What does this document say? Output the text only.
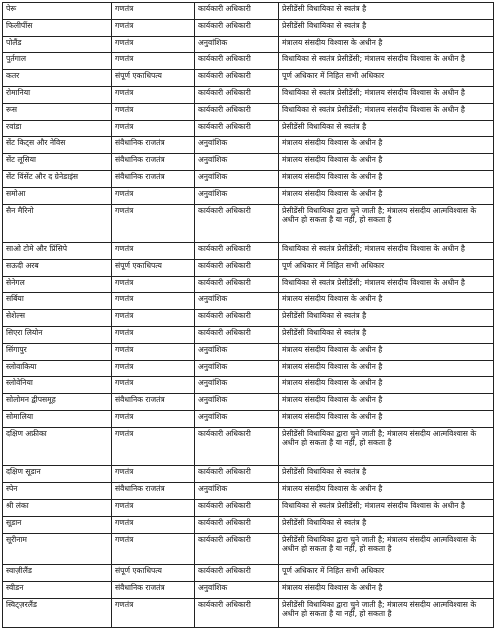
पेरू	गणतंत्र	कार्यकारी अधिकारी	प्रेसीडेंसी विधायिका से स्वतंत्र है
फिलीपींस	गणतंत्र	कार्यकारी अधिकारी	प्रेसीडेंसी विधायिका से स्वतंत्र है
पोलैंड	गणतंत्र	अनुवांशिक	मंत्रालय संसदीय विश्वास के अधीन है
पुर्तगाल	गणतंत्र	कार्यकारी अधिकारी	विधायिका से स्वतंत्र प्रेसीडेंसी; मंत्रालय संसदीय विश्वास के अधीन है
कतर	संपूर्ण एकाधिपत्य	कार्यकारी अधिकारी	पूर्ण अधिकार में निहित सभी अधिकार
रोमानिया	गणतंत्र	कार्यकारी अधिकारी	विधायिका से स्वतंत्र प्रेसीडेंसी; मंत्रालय संसदीय विश्वास के अधीन है
रूस	गणतंत्र	कार्यकारी अधिकारी	विधायिका से स्वतंत्र प्रेसीडेंसी; मंत्रालय संसदीय विश्वास के अधीन है
रवांडा	गणतंत्र	कार्यकारी अधिकारी	प्रेसीडेंसी विधायिका से स्वतंत्र है
सेंट किट्स और नेविस	संवैधानिक राजतंत्र	अनुवांशिक	मंत्रालय संसदीय विश्वास के अधीन है
सेंट लूसिया	संवैधानिक राजतंत्र	अनुवांशिक	मंत्रालय संसदीय विश्वास के अधीन है
सेंट विंसेंट और द ग्रेनेडाइंस	संवैधानिक राजतंत्र	अनुवांशिक	मंत्रालय संसदीय विश्वास के अधीन है
समोआ	गणतंत्र	अनुवांशिक	मंत्रालय संसदीय विश्वास के अधीन है
सैन मैरिनो	गणतंत्र	कार्यकारी अधिकारी	प्रेसीडेंसी विधायिका द्वारा चुने जाती है; मंत्रालय संसदीय आत्मविश्वास के अधीन हो सकता है या नहीं, हो सकता है
साओ टोमे और प्रिंसिपे	गणतंत्र	कार्यकारी अधिकारी	विधायिका से स्वतंत्र प्रेसीडेंसी; मंत्रालय संसदीय विश्वास के अधीन है
सऊदी अरब	संपूर्ण एकाधिपत्य	कार्यकारी अधिकारी	पूर्ण अधिकार में निहित सभी अधिकार
सेनेगल	गणतंत्र	कार्यकारी अधिकारी	विधायिका से स्वतंत्र प्रेसीडेंसी; मंत्रालय संसदीय विश्वास के अधीन है
सर्बिया	गणतंत्र	अनुवांशिक	मंत्रालय संसदीय विश्वास के अधीन है
सेशेल्स	गणतंत्र	कार्यकारी अधिकारी	प्रेसीडेंसी विधायिका से स्वतंत्र है
सिएरा लियोन	गणतंत्र	कार्यकारी अधिकारी	प्रेसीडेंसी विधायिका से स्वतंत्र है
सिंगापुर	गणतंत्र	अनुवांशिक	मंत्रालय संसदीय विश्वास के अधीन है
स्लोवाकिया	गणतंत्र	अनुवांशिक	मंत्रालय संसदीय विश्वास के अधीन है
स्लोवेनिया	गणतंत्र	अनुवांशिक	मंत्रालय संसदीय विश्वास के अधीन है
सोलोमन द्वीपसमूह	संवैधानिक राजतंत्र	अनुवांशिक	मंत्रालय संसदीय विश्वास के अधीन है
सोमालिया	गणतंत्र	अनुवांशिक	मंत्रालय संसदीय विश्वास के अधीन है
दक्षिण अफ्रीका	गणतंत्र	कार्यकारी अधिकारी	प्रेसीडेंसी विधायिका द्वारा चुने जाती है; मंत्रालय संसदीय आत्मविश्वास के अधीन हो सकता है या नहीं, हो सकता है
दक्षिण सूडान	गणतंत्र	कार्यकारी अधिकारी	प्रेसीडेंसी विधायिका से स्वतंत्र है
स्पेन	संवैधानिक राजतंत्र	अनुवांशिक	मंत्रालय संसदीय विश्वास के अधीन है
श्री लंका	गणतंत्र	कार्यकारी अधिकारी	विधायिका से स्वतंत्र प्रेसीडेंसी; मंत्रालय संसदीय विश्वास के अधीन है
सूडान	गणतंत्र	कार्यकारी अधिकारी	प्रेसीडेंसी विधायिका से स्वतंत्र है
सूरीनाम	गणतंत्र	कार्यकारी अधिकारी	प्रेसीडेंसी विधायिका द्वारा चुने जाती है; मंत्रालय संसदीय आत्मविश्वास के अधीन हो सकता है या नहीं, हो सकता है
स्वाज़ीलैंड	संपूर्ण एकाधिपत्य	कार्यकारी अधिकारी	पूर्ण अधिकार में निहित सभी अधिकार
स्वीडन	संवैधानिक राजतंत्र	अनुवांशिक	मंत्रालय संसदीय विश्वास के अधीन है
स्विट्ज़रलैंड	गणतंत्र	कार्यकारी अधिकारी	प्रेसीडेंसी विधायिका द्वारा चुने जाती है; मंत्रालय संसदीय आत्मविश्वास के अधीन हो सकता है या नहीं, हो सकता है
